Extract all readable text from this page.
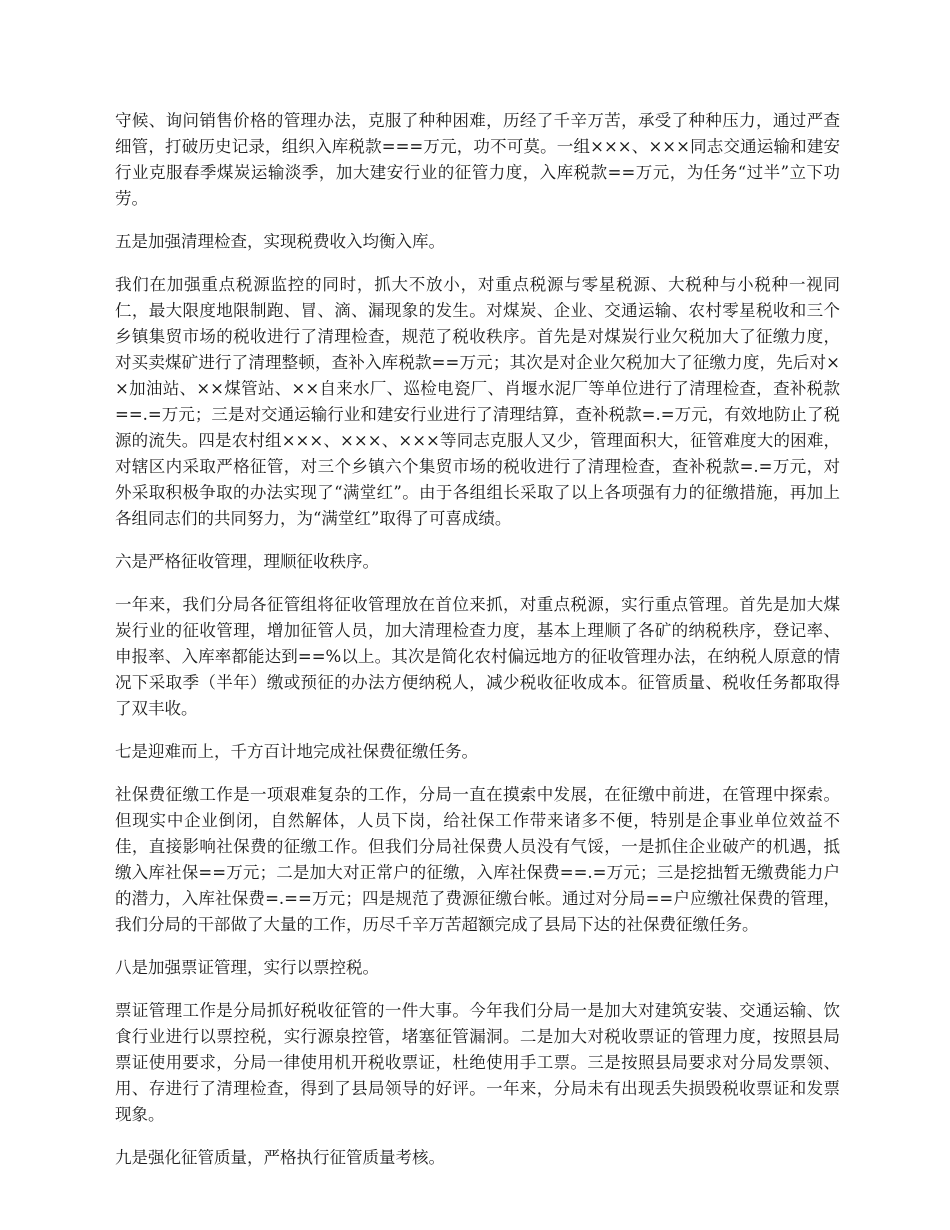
守候、询问销售价格的管理办法，克服了种种困难，历经了千辛万苦，承受了种种压力，通过严查细管，打破历史记录，组织入库税款===万元，功不可莫。一组×××、×××同志交通运输和建安行业克服春季煤炭运输淡季，加大建安行业的征管力度，入库税款==万元，为任务“过半”立下功劳。

五是加强清理检查，实现税费收入均衡入库。

我们在加强重点税源监控的同时，抓大不放小，对重点税源与零星税源、大税种与小税种一视同仁，最大限度地限制跑、冒、滴、漏现象的发生。对煤炭、企业、交通运输、农村零星税收和三个乡镇集贸市场的税收进行了清理检查，规范了税收秩序。首先是对煤炭行业欠税加大了征缴力度，对买卖煤矿进行了清理整顿，查补入库税款==万元；其次是对企业欠税加大了征缴力度，先后对××加油站、××煤管站、××自来水厂、巡检电瓷厂、肖堰水泥厂等单位进行了清理检查，查补税款==.=万元；三是对交通运输行业和建安行业进行了清理结算，查补税款=.=万元，有效地防止了税源的流失。四是农村组×××、×××、×××等同志克服人又少，管理面积大，征管难度大的困难，对辖区内采取严格征管，对三个乡镇六个集贸市场的税收进行了清理检查，查补税款=.=万元，对外采取积极争取的办法实现了“满堂红”。由于各组组长采取了以上各项强有力的征缴措施，再加上各组同志们的共同努力，为“满堂红”取得了可喜成绩。

六是严格征收管理，理顺征收秩序。

一年来，我们分局各征管组将征收管理放在首位来抓，对重点税源，实行重点管理。首先是加大煤炭行业的征收管理，增加征管人员，加大清理检查力度，基本上理顺了各矿的纳税秩序，登记率、申报率、入库率都能达到==%以上。其次是简化农村偏远地方的征收管理办法，在纳税人原意的情况下采取季（半年）缴或预征的办法方便纳税人，减少税收征收成本。征管质量、税收任务都取得了双丰收。

七是迎难而上，千方百计地完成社保费征缴任务。

社保费征缴工作是一项艰难复杂的工作，分局一直在摸索中发展，在征缴中前进，在管理中探索。但现实中企业倒闭，自然解体，人员下岗，给社保工作带来诸多不便，特别是企事业单位效益不佳，直接影响社保费的征缴工作。但我们分局社保费人员没有气馁，一是抓住企业破产的机遇，抵缴入库社保==万元；二是加大对正常户的征缴，入库社保费==.=万元；三是挖拙暂无缴费能力户的潜力，入库社保费=.==万元；四是规范了费源征缴台帐。通过对分局==户应缴社保费的管理，我们分局的干部做了大量的工作，历尽千辛万苦超额完成了县局下达的社保费征缴任务。

八是加强票证管理，实行以票控税。

票证管理工作是分局抓好税收征管的一件大事。今年我们分局一是加大对建筑安装、交通运输、饮食行业进行以票控税，实行源泉控管，堵塞征管漏洞。二是加大对税收票证的管理力度，按照县局票证使用要求，分局一律使用机开税收票证，杜绝使用手工票。三是按照县局要求对分局发票领、用、存进行了清理检查，得到了县局领导的好评。一年来，分局未有出现丢失损毁税收票证和发票现象。

九是强化征管质量，严格执行征管质量考核。
